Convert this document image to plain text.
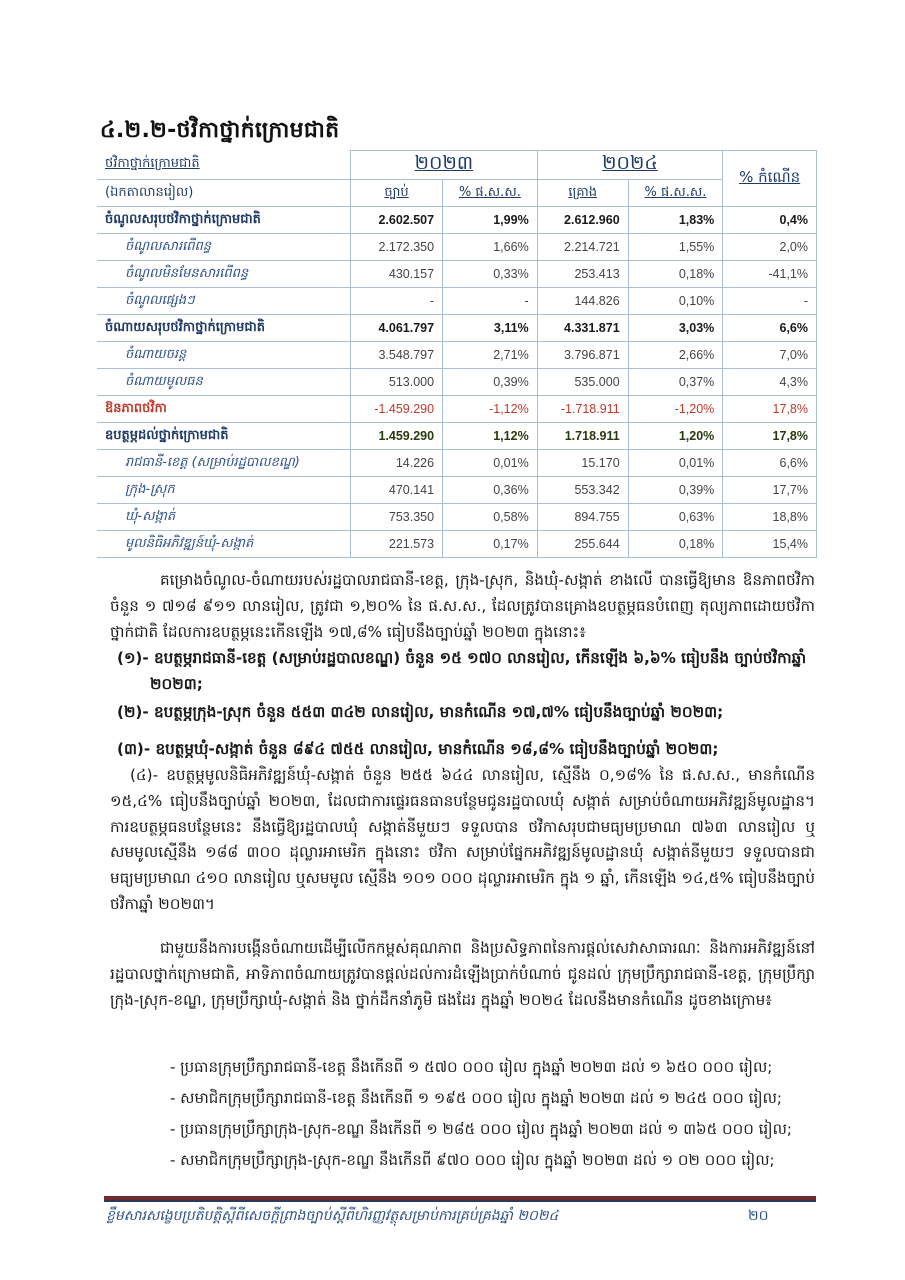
៤.២.២-ថវិកាថ្នាក់ក្រោមជាតិ
ថវិកាថ្នាក់ក្រោមជាតិ	២០២៣		២០២៤		% កំណើន
(ឯកតាលានរៀល)	ច្បាប់	% ផ.ស.ស.	គ្រោង	% ផ.ស.ស.	
ចំណូលសរុបថវិកាថ្នាក់ក្រោមជាតិ	2.602.507	1,99%	2.612.960	1,83%	0,4%
ចំណូលសារពើពន្ធ	2.172.350	1,66%	2.214.721	1,55%	2,0%
ចំណូលមិនមែនសារពើពន្ធ	430.157	0,33%	253.413	0,18%	-41,1%
ចំណូលផ្សេងៗ	-	-	144.826	0,10%	-
ចំណាយសរុបថវិកាថ្នាក់ក្រោមជាតិ	4.061.797	3,11%	4.331.871	3,03%	6,6%
ចំណាយចរន្ត	3.548.797	2,71%	3.796.871	2,66%	7,0%
ចំណាយមូលធន	513.000	0,39%	535.000	0,37%	4,3%
ឱនភាពថវិកា	-1.459.290	-1,12%	-1.718.911	-1,20%	17,8%
ឧបត្ថម្ភដល់ថ្នាក់ក្រោមជាតិ	1.459.290	1,12%	1.718.911	1,20%	17,8%
រាជធានី-ខេត្ត (សម្រាប់រដ្ឋបាលខណ្ឌ)	14.226	0,01%	15.170	0,01%	6,6%
ក្រុង-ស្រុក	470.141	0,36%	553.342	0,39%	17,7%
ឃុំ-សង្កាត់	753.350	0,58%	894.755	0,63%	18,8%
មូលនិធិអភិវឌ្ឍន៍ឃុំ-សង្កាត់	221.573	0,17%	255.644	0,18%	15,4%
គម្រោងចំណូល-ចំណាយរបស់រដ្ឋបាលរាជធានី-ខេត្ត, ក្រុង-ស្រុក, និងឃុំ-សង្កាត់ ខាងលើ បានធ្វើឱ្យមាន ឱនភាពថវិកាចំនួន ១ ៧១៨ ៩១១ លានរៀល, ត្រូវជា ១,២០% នៃ ផ.ស.ស., ដែលត្រូវបានគ្រោងឧបត្ថម្ភធនបំពេញ តុល្យភាពដោយថវិកាថ្នាក់ជាតិ ដែលការឧបត្ថម្ភនេះកើនឡើង ១៧,៨% ធៀបនឹងច្បាប់ឆ្នាំ ២០២៣ ក្នុងនោះ៖
(១)- ឧបត្ថម្ភរាជធានី-ខេត្ត (សម្រាប់រដ្ឋបាលខណ្ឌ) ចំនួន ១៥ ១៧០ លានរៀល, កើនឡើង ៦,៦% ធៀបនឹង ច្បាប់ថវិកាឆ្នាំ ២០២៣;
(២)- ឧបត្ថម្ភក្រុង-ស្រុក ចំនួន ៥៥៣ ៣៤២ លានរៀល, មានកំណើន ១៧,៧% ធៀបនឹងច្បាប់ឆ្នាំ ២០២៣;
(៣)- ឧបត្ថម្ភឃុំ-សង្កាត់ ចំនួន ៨៩៤ ៧៥៥ លានរៀល, មានកំណើន ១៨,៨% ធៀបនឹងច្បាប់ឆ្នាំ ២០២៣;
(៤)- ឧបត្ថម្ភមូលនិធិអភិវឌ្ឍន៍ឃុំ-សង្កាត់ ចំនួន ២៥៥ ៦៤៤ លានរៀល, ស្មើនឹង ០,១៨% នៃ ផ.ស.ស., មានកំណើន ១៥,៤% ធៀបនឹងច្បាប់ឆ្នាំ ២០២៣, ដែលជាការផ្ទេរធនធានបន្ថែមជូនរដ្ឋបាលឃុំ សង្កាត់ សម្រាប់ចំណាយអភិវឌ្ឍន៍មូលដ្ឋាន។ ការឧបត្ថម្ភធនបន្ថែមនេះ នឹងធ្វើឱ្យរដ្ឋបាលឃុំ សង្កាត់នីមួយៗ ទទួលបាន ថវិកាសរុបជាមធ្យមប្រមាណ ៧៦៣ លានរៀល ឬសមមូលស្មើនឹង ១៨៨ ៣០០ ដុល្លារអាមេរិក ក្នុងនោះ ថវិកា សម្រាប់ផ្នែកអភិវឌ្ឍន៍មូលដ្ឋានឃុំ សង្កាត់នីមួយៗ ទទួលបានជាមធ្យមប្រមាណ ៤១០ លានរៀល ឬសមមូល ស្មើនឹង ១០១ ០០០ ដុល្លារអាមេរិក ក្នុង ១ ឆ្នាំ, កើនឡើង ១៤,៥% ធៀបនឹងច្បាប់ថវិកាឆ្នាំ ២០២៣។
ជាមួយនឹងការបង្កើនចំណាយដើម្បីលើកកម្ពស់គុណភាព និងប្រសិទ្ធភាពនៃការផ្ដល់សេវាសាធារណៈ និងការអភិវឌ្ឍន៍នៅរដ្ឋបាលថ្នាក់ក្រោមជាតិ, អាទិភាពចំណាយត្រូវបានផ្ដល់ដល់ការដំឡើងប្រាក់បំណាច់ ជូនដល់ ក្រុមប្រឹក្សារាជធានី-ខេត្ត, ក្រុមប្រឹក្សាក្រុង-ស្រុក-ខណ្ឌ, ក្រុមប្រឹក្សាឃុំ-សង្កាត់ និង ថ្នាក់ដឹកនាំភូមិ ផងដែរ ក្នុងឆ្នាំ ២០២៤ ដែលនឹងមានកំណើន ដូចខាងក្រោម៖
- ប្រធានក្រុមប្រឹក្សារាជធានី-ខេត្ត នឹងកើនពី ១ ៥៧០ ០០០ រៀល ក្នុងឆ្នាំ ២០២៣ ដល់ ១ ៦៥០ ០០០ រៀល;
- សមាជិកក្រុមប្រឹក្សារាជធានី-ខេត្ត នឹងកើនពី ១ ១៩៥ ០០០ រៀល ក្នុងឆ្នាំ ២០២៣ ដល់ ១ ២៤៥ ០០០ រៀល;
- ប្រធានក្រុមប្រឹក្សាក្រុង-ស្រុក-ខណ្ឌ នឹងកើនពី ១ ២៨៥ ០០០ រៀល ក្នុងឆ្នាំ ២០២៣ ដល់ ១ ៣៦៥ ០០០ រៀល;
- សមាជិកក្រុមប្រឹក្សាក្រុង-ស្រុក-ខណ្ឌ នឹងកើនពី ៩៧០ ០០០ រៀល ក្នុងឆ្នាំ ២០២៣ ដល់ ១ ០២ ០០០ រៀល;
ខ្លឹមសារសង្ខេបប្រតិបត្តិស្ដីពីសេចក្ដីព្រាងច្បាប់ស្ដីពីហិរញ្ញវត្ថុសម្រាប់ការគ្រប់គ្រងឆ្នាំ ២០២៤	២០
